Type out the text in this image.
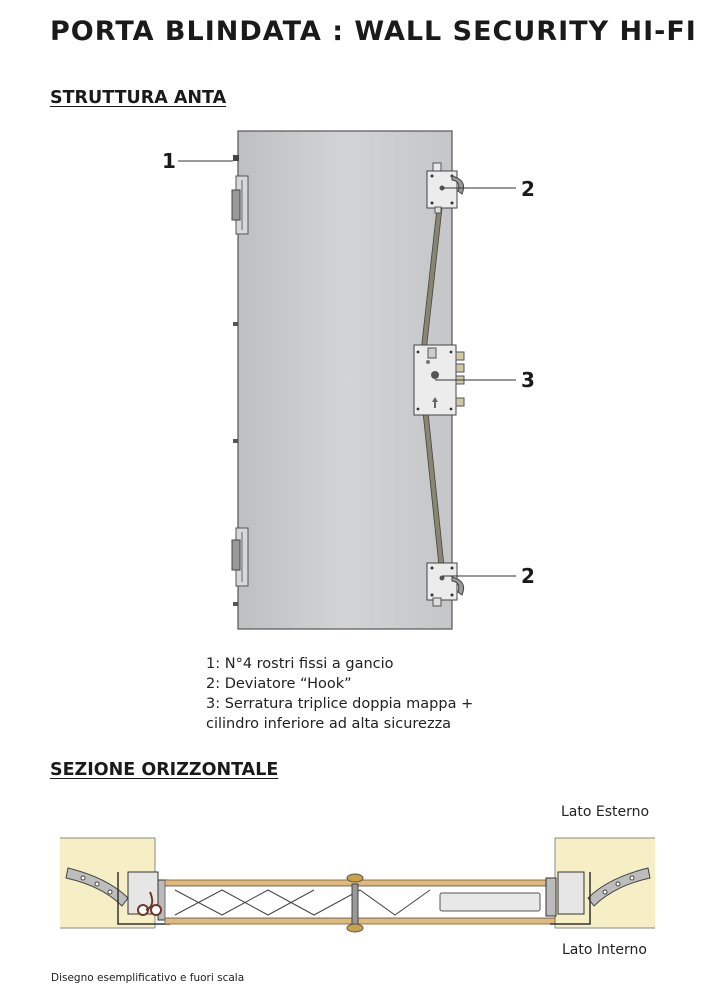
PORTA BLINDATA : WALL SECURITY HI-FI
STRUTTURA ANTA
1
2
3
2
1: N°4 rostri fissi a gancio
2: Deviatore “Hook”
3: Serratura triplice doppia mappa +
cilindro inferiore ad alta sicurezza
SEZIONE ORIZZONTALE
Lato Esterno
Lato Interno
Disegno esemplificativo e fuori scala
